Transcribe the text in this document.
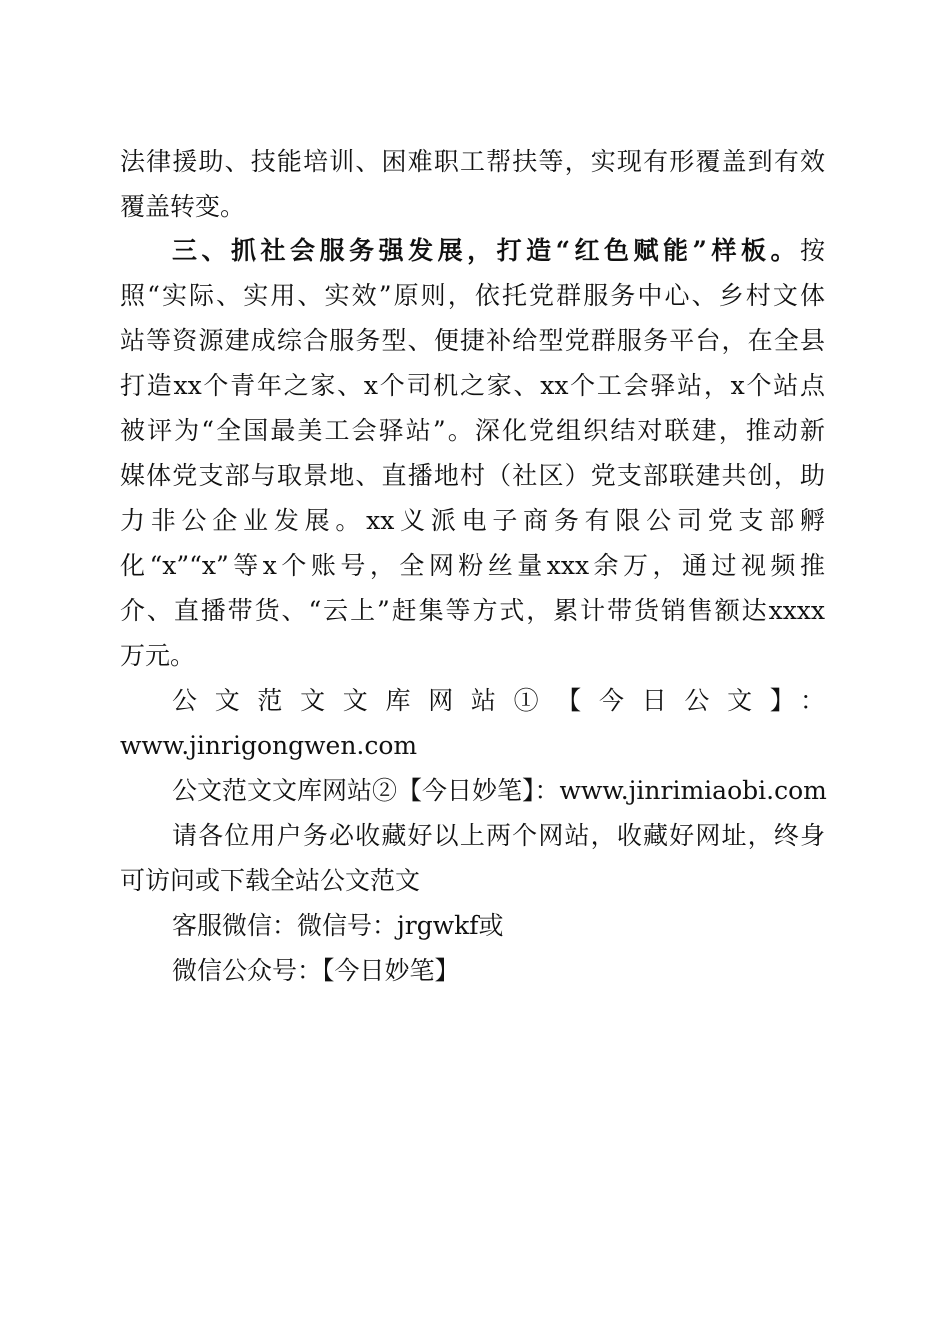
法律援助、技能培训、困难职工帮扶等，实现有形覆盖到有效
覆盖转变。
三、抓社会服务强发展，打造“红色赋能”样板。按
照“实际、实用、实效”原则，依托党群服务中心、乡村文体
站等资源建成综合服务型、便捷补给型党群服务平台，在全县
打造xx个青年之家、x个司机之家、xx个工会驿站，x个站点
被评为“全国最美工会驿站”。深化党组织结对联建，推动新
媒体党支部与取景地、直播地村（社区）党支部联建共创，助
力非公企业发展。xx义派电子商务有限公司党支部孵
化“x”“x”等x个账号，全网粉丝量xxx余万，通过视频推
介、直播带货、“云上”赶集等方式，累计带货销售额达xxxx
万元。
公文范文文库网站①【今日公文】：
www.jinrigongwen.com
公文范文文库网站②【今日妙笔】：www.jinrimiaobi.com
请各位用户务必收藏好以上两个网站，收藏好网址，终身
可访问或下载全站公文范文
客服微信：微信号：jrgwkf或
微信公众号：【今日妙笔】
